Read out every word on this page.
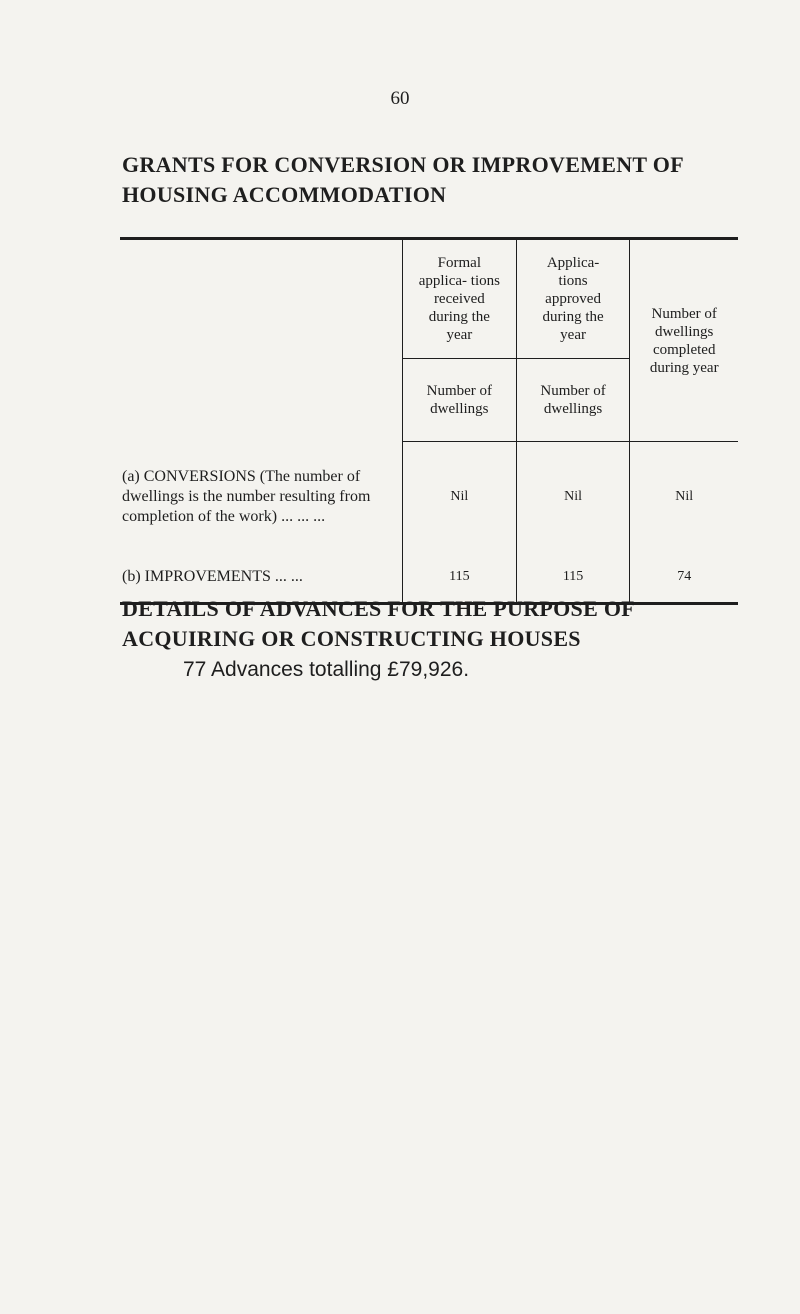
60
GRANTS FOR CONVERSION OR IMPROVEMENT OF HOUSING ACCOMMODATION

	Formal applica- tions received during the year	Applica- tions approved during the year	Number of dwellings completed during year

	Number of dwellings	Number of dwellings	

(a) CONVERSIONS (The number of dwellings is the number resulting from completion of the work) ... ... ...	Nil	Nil	Nil

(b) IMPROVEMENTS ... ...	115	115	74
DETAILS OF ADVANCES FOR THE PURPOSE OF ACQUIRING OR CONSTRUCTING HOUSES
77 Advances totalling £79,926.
